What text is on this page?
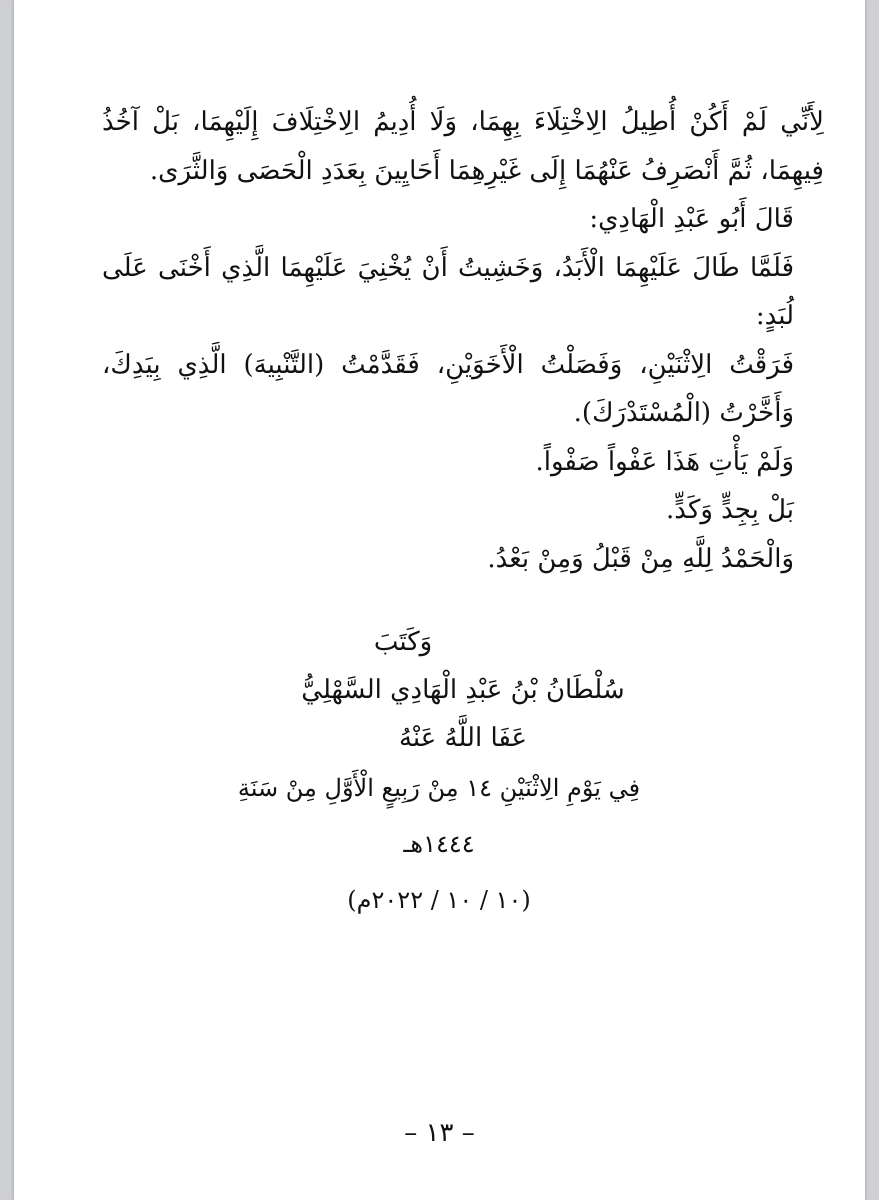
لِأَنِّي لَمْ أَكُنْ أُطِيلُ الِاخْتِلَاءَ بِهِمَا، وَلَا أُدِيمُ الِاخْتِلَافَ إِلَيْهِمَا، بَلْ آخُذُ فِيهِمَا، ثُمَّ أَنْصَرِفُ عَنْهُمَا إِلَى غَيْرِهِمَا أَحَايِينَ بِعَدَدِ الْحَصَى وَالثَّرَى.

قَالَ أَبُو عَبْدِ الْهَادِي:

فَلَمَّا طَالَ عَلَيْهِمَا الْأَبَدُ، وَخَشِيتُ أَنْ يُخْنِيَ عَلَيْهِمَا الَّذِي أَخْنَى عَلَى لُبَدٍ:

فَرَقْتُ الِاثْنَيْنِ، وَفَصَلْتُ الْأَخَوَيْنِ، فَقَدَّمْتُ (التَّنْبِيهَ) الَّذِي بِيَدِكَ، وَأَخَّرْتُ (الْمُسْتَدْرَكَ).

وَلَمْ يَأْتِ هَذَا عَفْواً صَفْواً.

بَلْ بِجِدٍّ وَكَدٍّ.

وَالْحَمْدُ لِلَّهِ مِنْ قَبْلُ وَمِنْ بَعْدُ.

وَكَتَبَ
سُلْطَانُ بْنُ عَبْدِ الْهَادِي السَّهْلِيُّ
عَفَا اللَّهُ عَنْهُ
فِي يَوْمِ الِاثْنَيْنِ ١٤ مِنْ رَبِيعٍ الْأَوَّلِ مِنْ سَنَةِ ١٤٤٤هـ
(١٠ / ١٠ / ٢٠٢٢م)
– ١٣ –
